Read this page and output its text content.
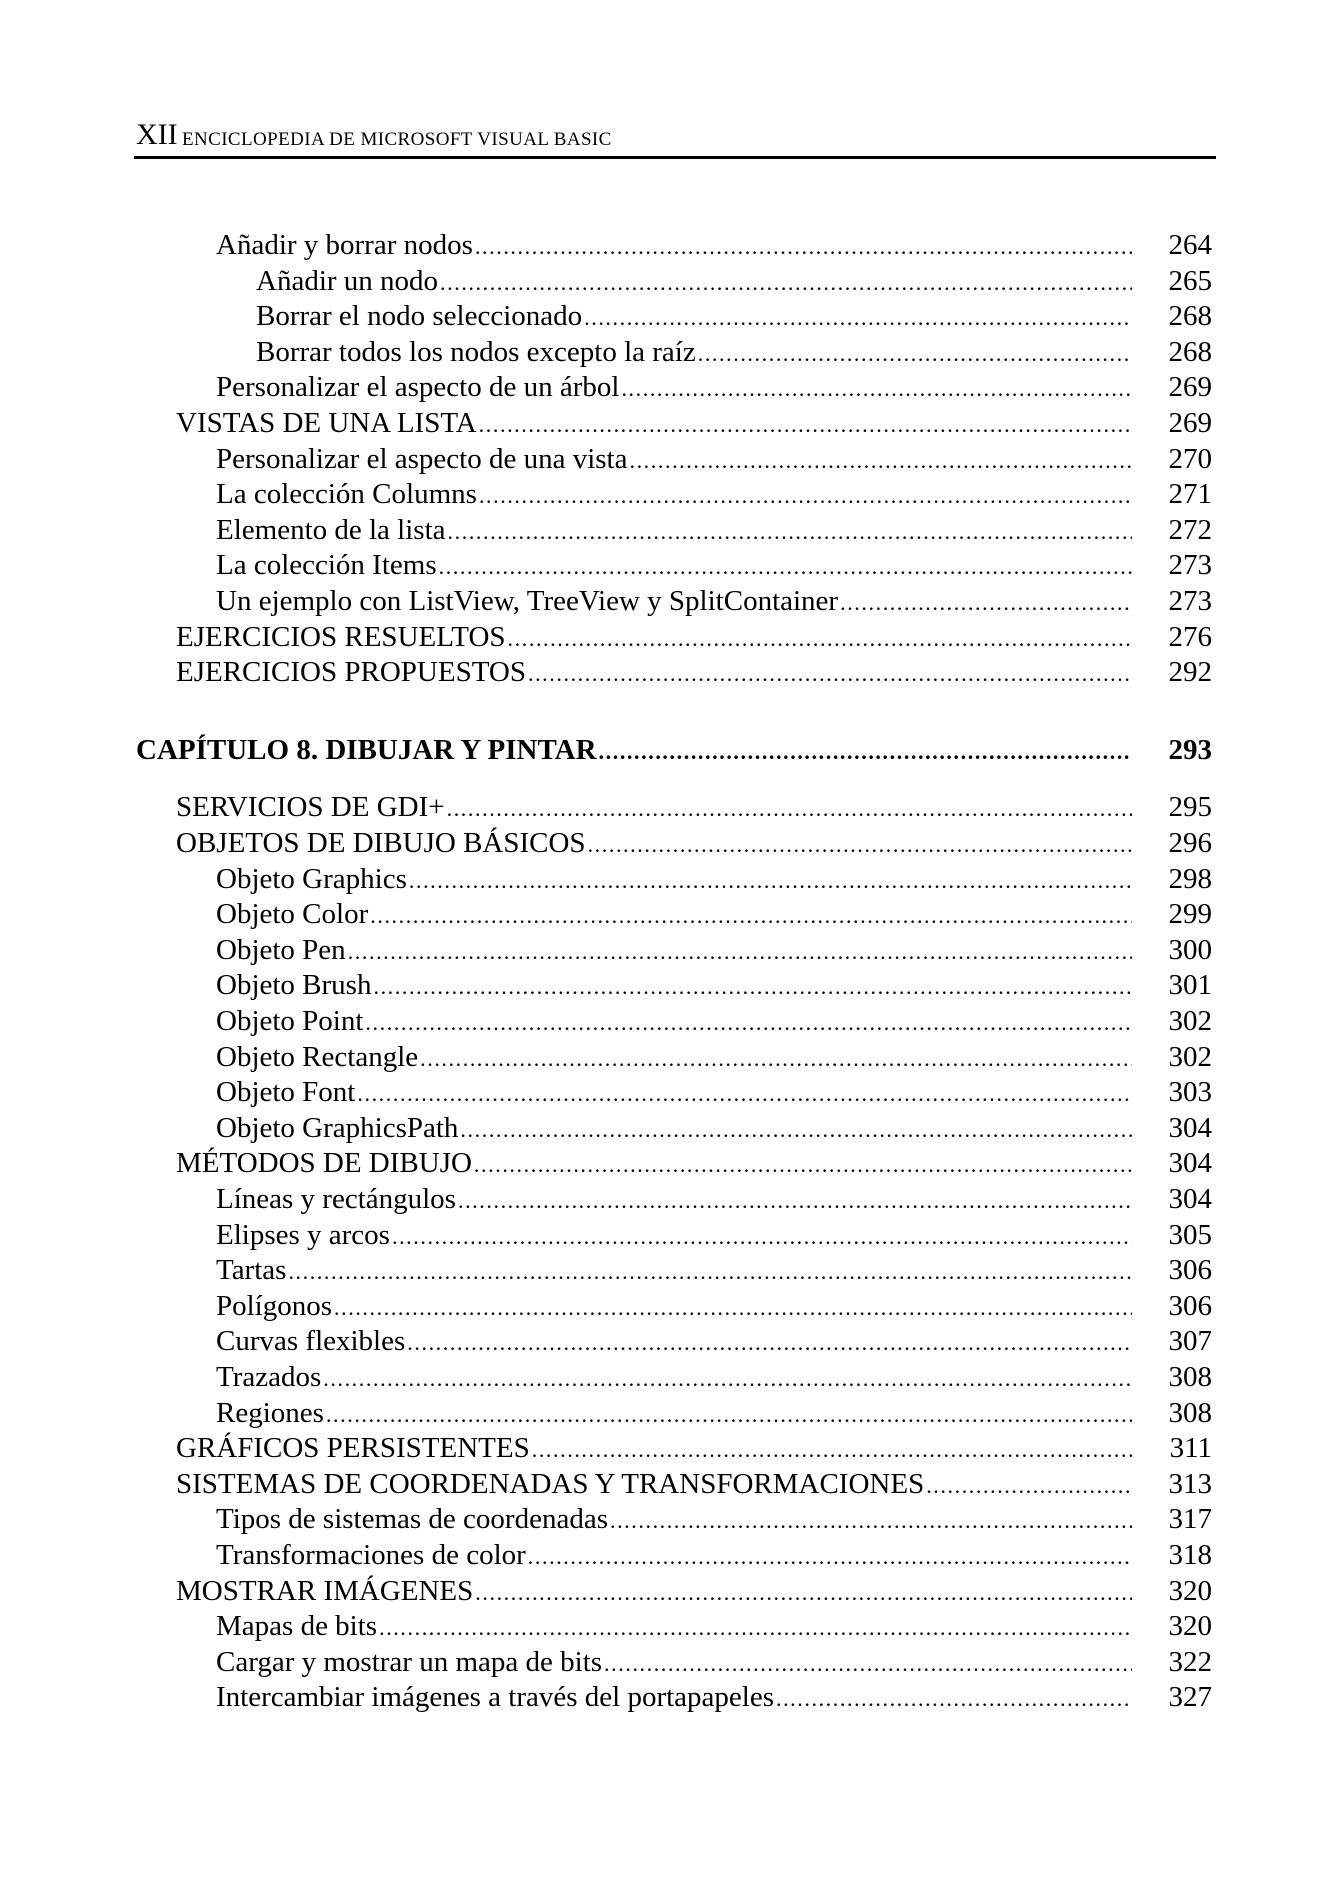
XII ENCICLOPEDIA DE MICROSOFT VISUAL BASIC
Añadir y borrar nodos .....	264
Añadir un nodo .....	265
Borrar el nodo seleccionado .....	268
Borrar todos los nodos excepto la raíz .....	268
Personalizar el aspecto de un árbol .....	269
VISTAS DE UNA LISTA .....	269
Personalizar el aspecto de una vista .....	270
La colección Columns .....	271
Elemento de la lista .....	272
La colección Items .....	273
Un ejemplo con ListView, TreeView y SplitContainer .....	273
EJERCICIOS RESUELTOS .....	276
EJERCICIOS PROPUESTOS .....	292
CAPÍTULO 8. DIBUJAR Y PINTAR .....	293
SERVICIOS DE GDI+ .....	295
OBJETOS DE DIBUJO BÁSICOS .....	296
Objeto Graphics .....	298
Objeto Color .....	299
Objeto Pen .....	300
Objeto Brush .....	301
Objeto Point .....	302
Objeto Rectangle .....	302
Objeto Font .....	303
Objeto GraphicsPath .....	304
MÉTODOS DE DIBUJO .....	304
Líneas y rectángulos .....	304
Elipses y arcos .....	305
Tartas .....	306
Polígonos .....	306
Curvas flexibles .....	307
Trazados .....	308
Regiones .....	308
GRÁFICOS PERSISTENTES .....	311
SISTEMAS DE COORDENADAS Y TRANSFORMACIONES .....	313
Tipos de sistemas de coordenadas .....	317
Transformaciones de color .....	318
MOSTRAR IMÁGENES .....	320
Mapas de bits .....	320
Cargar y mostrar un mapa de bits .....	322
Intercambiar imágenes a través del portapapeles .....	327
